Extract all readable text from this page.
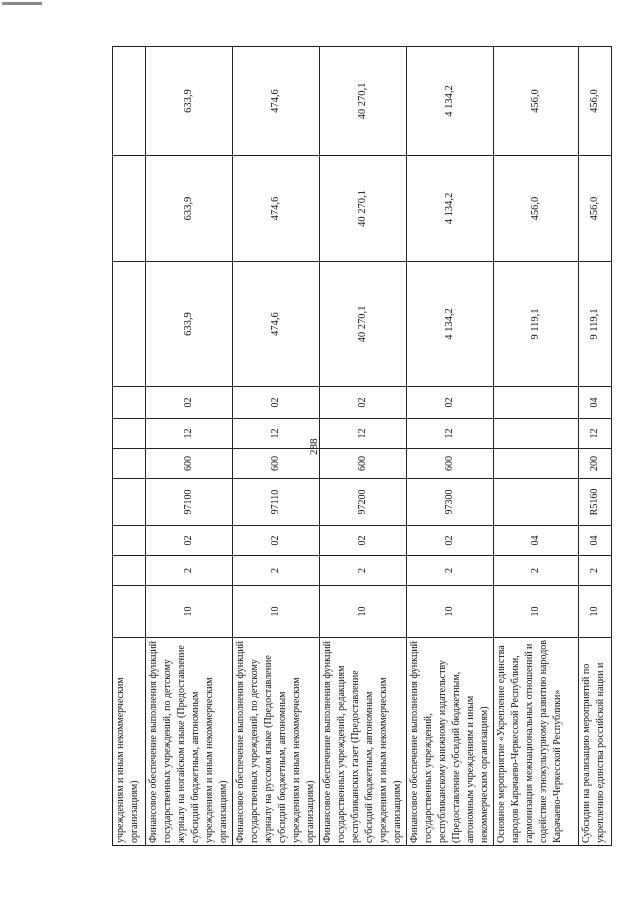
288
учреждениям и иным некоммерческим организациям)										
Финансовое обеспечение выполнения функций государственных учреждений, по детскому журналу на ногайском языке (Предоставление субсидий бюджетным, автономным учреждениям и иным некоммерческим организациям)	10	2	02	97100	600	12	02	633,9	633,9	633,9
Финансовое обеспечение выполнения функций государственных учреждений, по детскому журналу на русском языке (Предоставление субсидий бюджетным, автономным учреждениям и иным некоммерческим организациям)	10	2	02	97110	600	12	02	474,6	474,6	474,6
Финансовое обеспечение выполнения функций государственных учреждений, редакциям республиканских газет (Предоставление субсидий бюджетным, автономным учреждениям и иным некоммерческим организациям)	10	2	02	97200	600	12	02	40 270,1	40 270,1	40 270,1
Финансовое обеспечение выполнения функций государственных учреждений, республиканскому книжному издательству (Предоставление субсидий бюджетным, автономным учреждениям и иным некоммерческим организациям)	10	2	02	97300	600	12	02	4 134,2	4 134,2	4 134,2
Основное мероприятие «Укрепление единства народов Карачаево-Черкесской Республики, гармонизация межнациональных отношений и содействие этнокультурному развитию народов Карачаево-Черкесской Республики»	10	2	04					9 119,1	456,0	456,0
Субсидии на реализацию мероприятий по укреплению единства российской нации и	10	2	04	R5160	200	12	04	9 119,1	456,0	456,0
